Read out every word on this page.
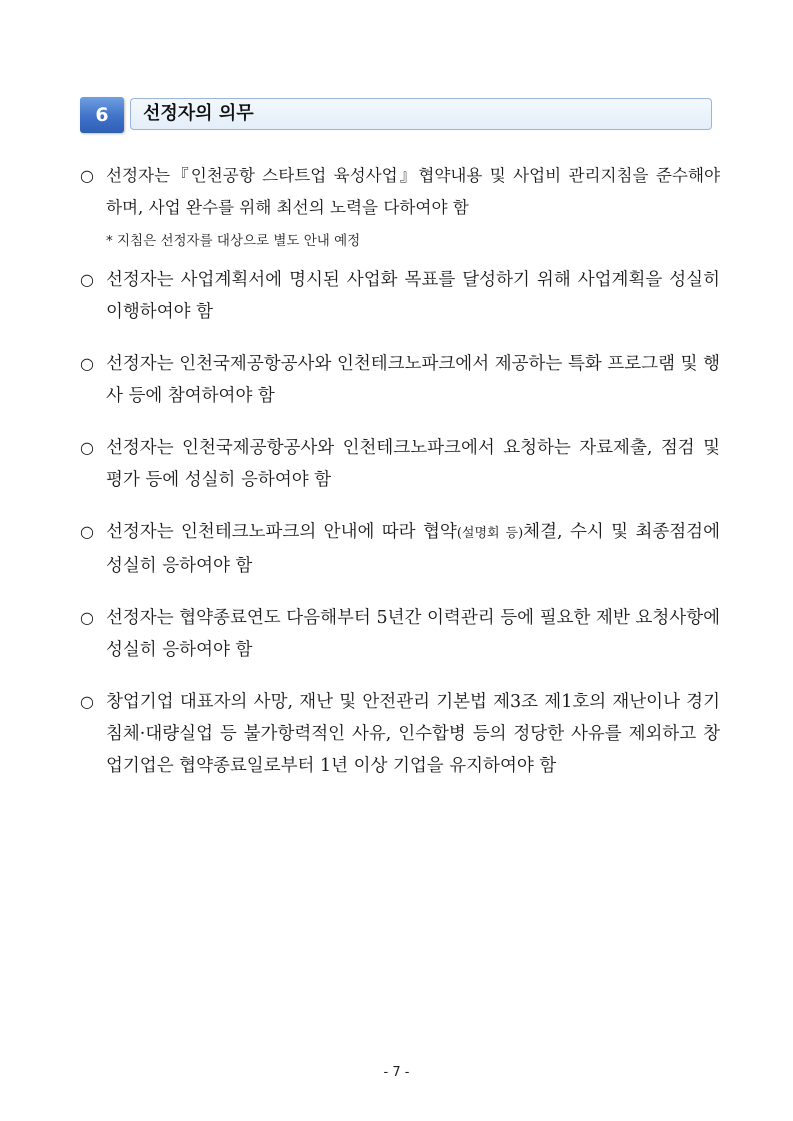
6	선정자의 의무
○ 선정자는『인천공항 스타트업 육성사업』협약내용 및 사업비 관리지침을 준수해야 하며, 사업 완수를 위해 최선의 노력을 다하여야 함
* 지침은 선정자를 대상으로 별도 안내 예정
○ 선정자는 사업계획서에 명시된 사업화 목표를 달성하기 위해 사업계획을 성실히 이행하여야 함
○ 선정자는 인천국제공항공사와 인천테크노파크에서 제공하는 특화 프로그램 및 행사 등에 참여하여야 함
○ 선정자는 인천국제공항공사와 인천테크노파크에서 요청하는 자료제출, 점검 및 평가 등에 성실히 응하여야 함
○ 선정자는 인천테크노파크의 안내에 따라 협약(설명회 등)체결, 수시 및 최종점검에 성실히 응하여야 함
○ 선정자는 협약종료연도 다음해부터 5년간 이력관리 등에 필요한 제반 요청사항에 성실히 응하여야 함
○ 창업기업 대표자의 사망, 재난 및 안전관리 기본법 제3조 제1호의 재난이나 경기침체·대량실업 등 불가항력적인 사유, 인수합병 등의 정당한 사유를 제외하고 창업기업은 협약종료일로부터 1년 이상 기업을 유지하여야 함
- 7 -
